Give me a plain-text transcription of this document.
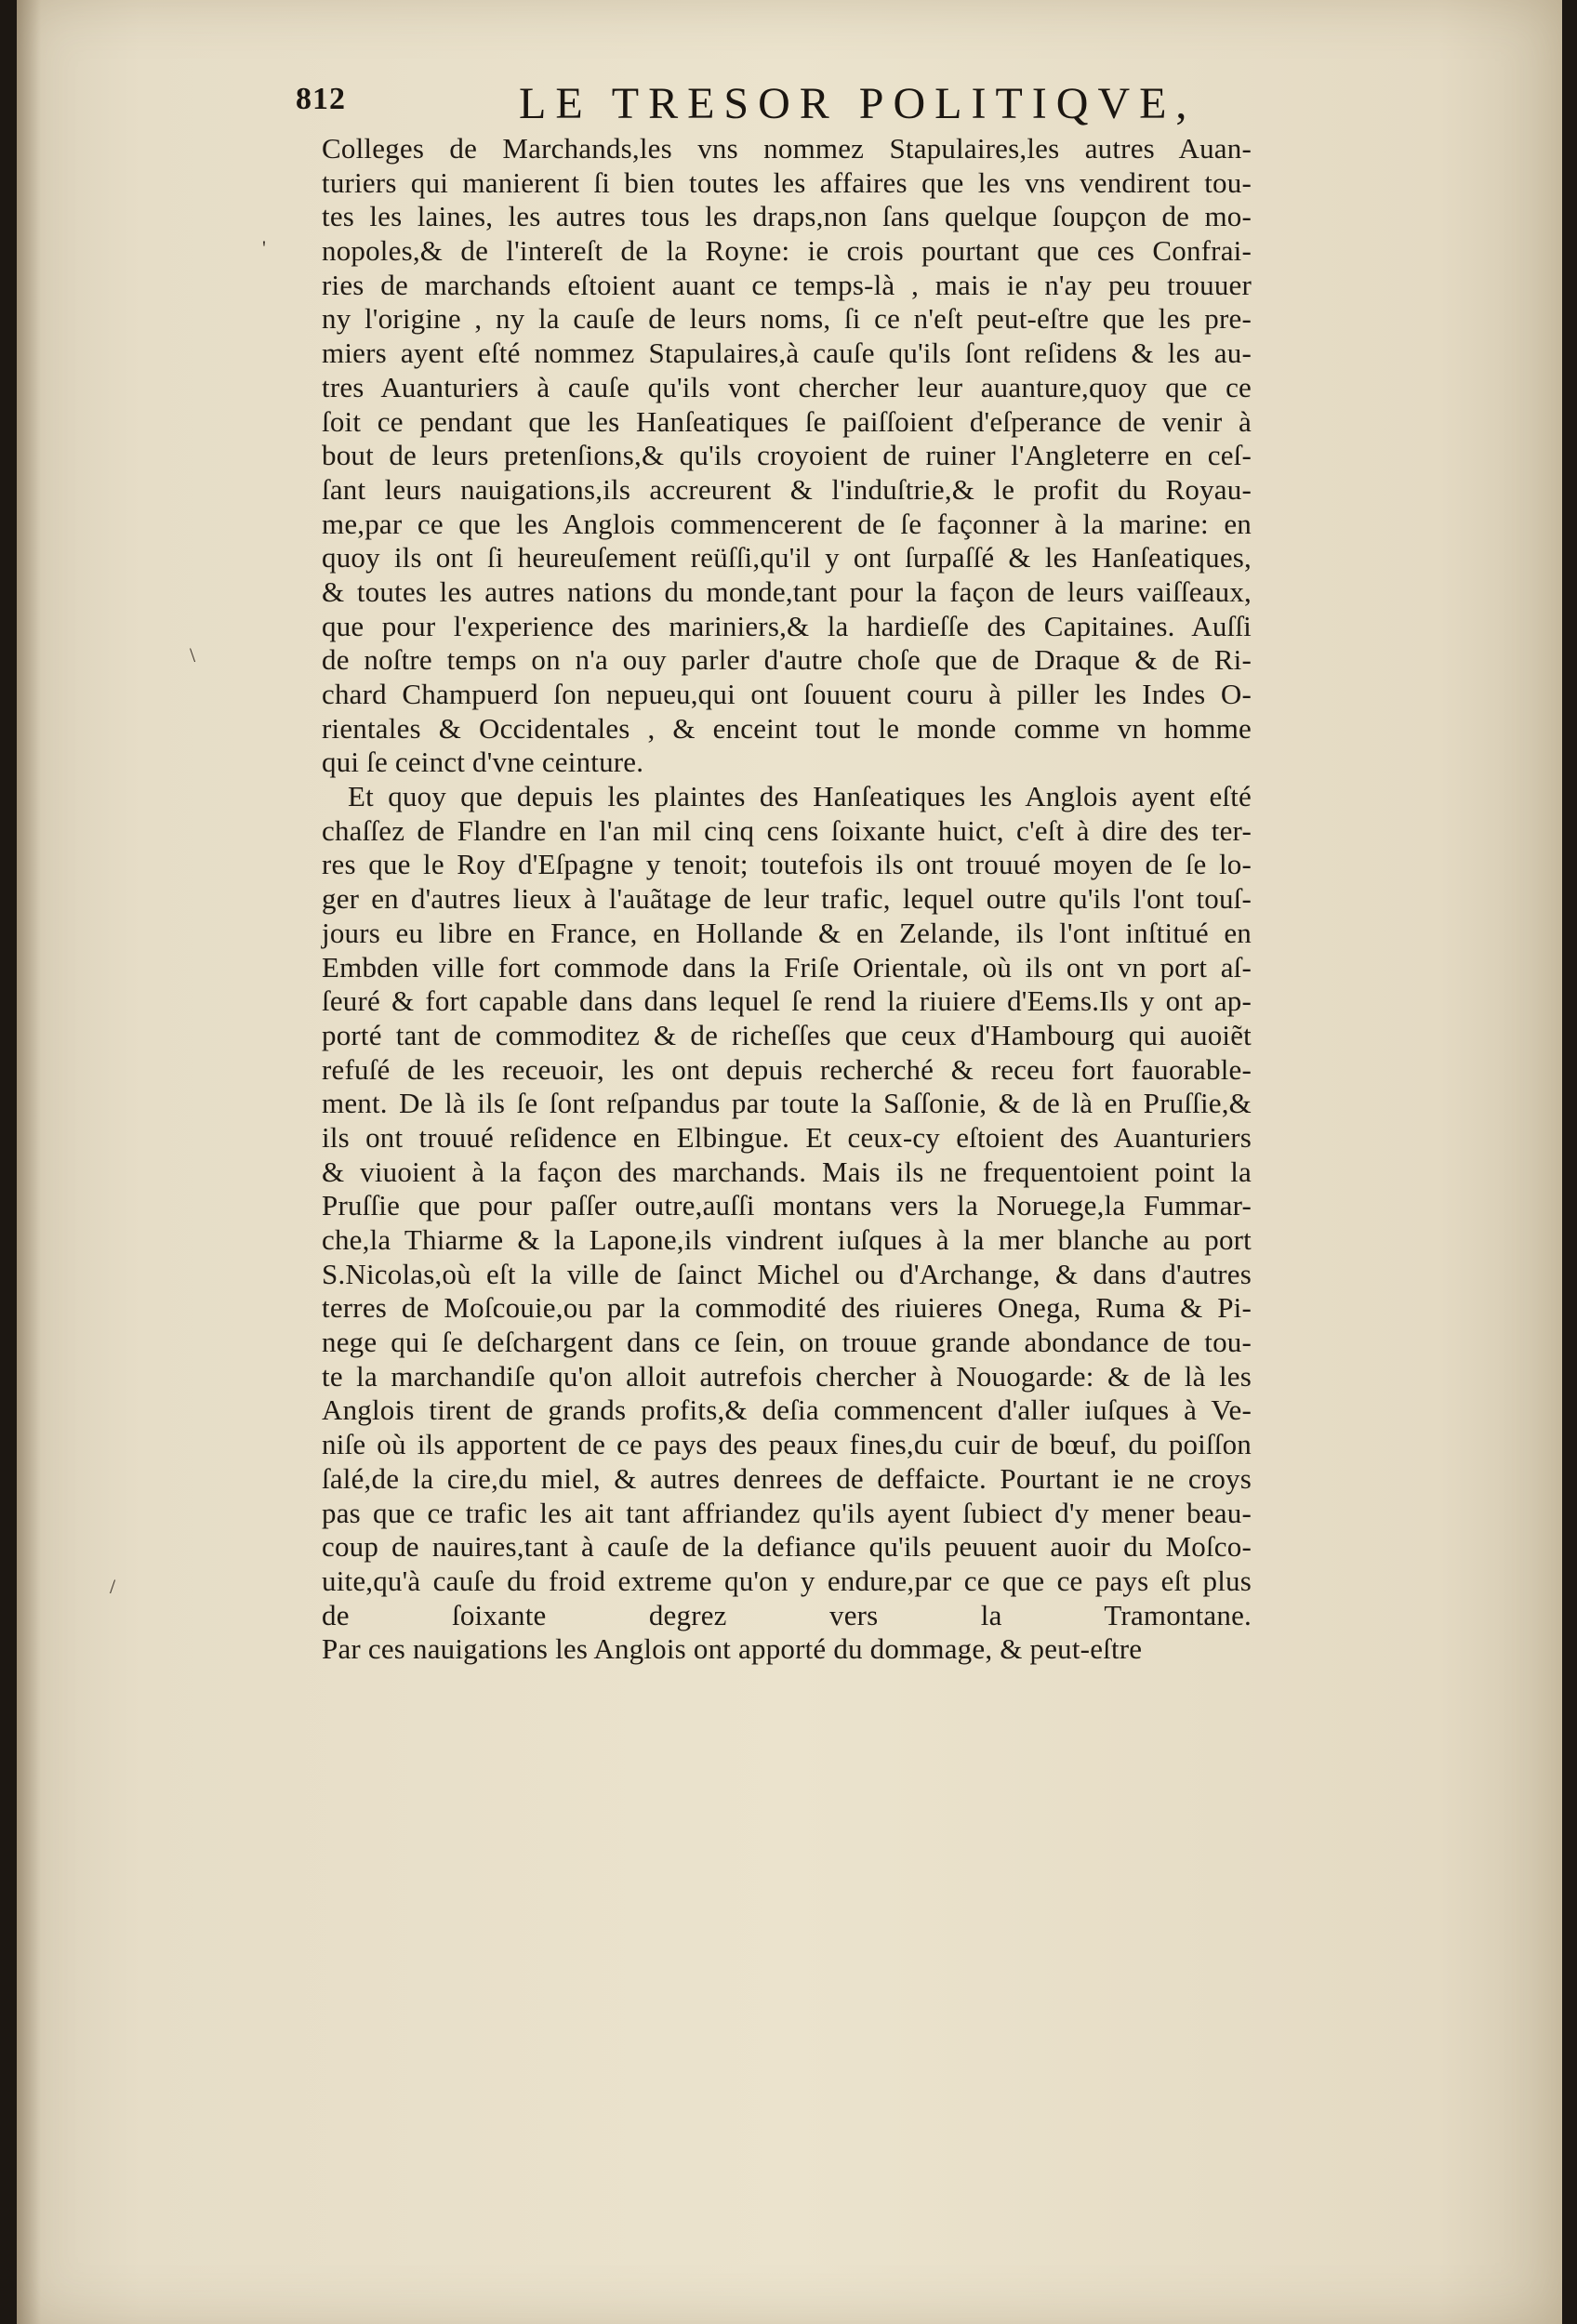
812	LE TRESOR POLITIQVE,
Colleges de Marchands,les vns nommez Stapulaires,les autres Auan-
turiers qui manierent ſi bien toutes les affaires que les vns vendirent tou-
tes les laines, les autres tous les draps,non ſans quelque ſoupçon de mo-
nopoles,& de l'intereſt de la Royne: ie crois pourtant que ces Confrai-
ries de marchands eſtoient auant ce temps-là , mais ie n'ay peu trouuer
ny l'origine , ny la cauſe de leurs noms, ſi ce n'eſt peut-eſtre que les pre-
miers ayent eſté nommez Stapulaires,à cauſe qu'ils ſont reſidens & les au-
tres Auanturiers à cauſe qu'ils vont chercher leur auanture,quoy que ce
ſoit ce pendant que les Hanſeatiques ſe paiſſoient d'eſperance de venir à
bout de leurs pretenſions,& qu'ils croyoient de ruiner l'Angleterre en ceſ-
ſant leurs nauigations,ils accreurent & l'induſtrie,& le profit du Royau-
me,par ce que les Anglois commencerent de ſe façonner à la marine: en
quoy ils ont ſi heureuſement reüſſi,qu'il y ont ſurpaſſé & les Hanſeatiques,
& toutes les autres nations du monde,tant pour la façon de leurs vaiſſeaux,
que pour l'experience des mariniers,& la hardieſſe des Capitaines. Auſſi
de noſtre temps on n'a ouy parler d'autre choſe que de Draque & de Ri-
chard Champuerd ſon nepueu,qui ont ſouuent couru à piller les Indes O-
rientales & Occidentales , & enceint tout le monde comme vn homme
qui ſe ceinct d'vne ceinture.
Et quoy que depuis les plaintes des Hanſeatiques les Anglois ayent eſté
chaſſez de Flandre en l'an mil cinq cens ſoixante huict, c'eſt à dire des ter-
res que le Roy d'Eſpagne y tenoit; toutefois ils ont trouué moyen de ſe lo-
ger en d'autres lieux à l'auãtage de leur trafic, lequel outre qu'ils l'ont touſ-
jours eu libre en France, en Hollande & en Zelande, ils l'ont inſtitué en
Embden ville fort commode dans la Friſe Orientale, où ils ont vn port aſ-
ſeuré & fort capable dans dans lequel ſe rend la riuiere d'Eems.Ils y ont ap-
porté tant de commoditez & de richeſſes que ceux d'Hambourg qui auoiẽt
refuſé de les receuoir, les ont depuis recherché & receu fort fauorable-
ment. De là ils ſe ſont reſpandus par toute la Saſſonie, & de là en Pruſſie,&
ils ont trouué reſidence en Elbingue. Et ceux-cy eſtoient des Auanturiers
& viuoient à la façon des marchands. Mais ils ne frequentoient point la
Pruſſie que pour paſſer outre,auſſi montans vers la Noruege,la Fummar-
che,la Thiarme & la Lapone,ils vindrent iuſques à la mer blanche au port
S.Nicolas,où eſt la ville de ſainct Michel ou d'Archange, & dans d'autres
terres de Moſcouie,ou par la commodité des riuieres Onega, Ruma & Pi-
nege qui ſe deſchargent dans ce ſein, on trouue grande abondance de tou-
te la marchandiſe qu'on alloit autrefois chercher à Nouogarde: & de là les
Anglois tirent de grands profits,& deſia commencent d'aller iuſques à Ve-
niſe où ils apportent de ce pays des peaux fines,du cuir de bœuf, du poiſſon
ſalé,de la cire,du miel, & autres denrees de deffaicte. Pourtant ie ne croys
pas que ce trafic les ait tant affriandez qu'ils ayent ſubiect d'y mener beau-
coup de nauires,tant à cauſe de la defiance qu'ils peuuent auoir du Moſco-
uite,qu'à cauſe du froid extreme qu'on y endure,par ce que ce pays eſt plus
de ſoixante degrez vers la Tramontane.
Par ces nauigations les Anglois ont apporté du dommage, & peut-eſtre
'
\
/
